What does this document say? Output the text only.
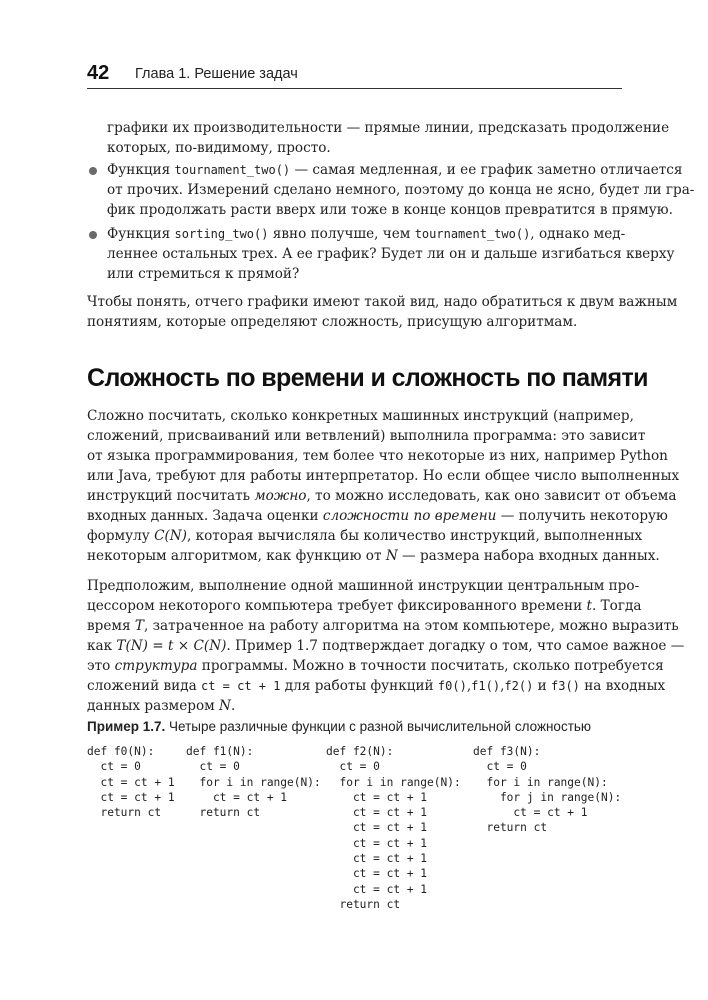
42 Глава 1. Решение задач
графики их производительности — прямые линии, предсказать продолжение
которых, по-видимому, просто.
Функция tournament_two() — самая медленная, и ее график заметно отличается
от прочих. Измерений сделано немного, поэтому до конца не ясно, будет ли гра-
фик продолжать расти вверх или тоже в конце концов превратится в прямую.
Функция sorting_two() явно получше, чем tournament_two(), однако мед-
леннее остальных трех. А ее график? Будет ли он и дальше изгибаться кверху
или стремиться к прямой?
Чтобы понять, отчего графики имеют такой вид, надо обратиться к двум важным
понятиям, которые определяют сложность, присущую алгоритмам.
Сложность по времени и сложность по памяти
Сложно посчитать, сколько конкретных машинных инструкций (например,
сложений, присваиваний или ветвлений) выполнила программа: это зависит
от языка программирования, тем более что некоторые из них, например Python
или Java, требуют для работы интерпретатор. Но если общее число выполненных
инструкций посчитать можно, то можно исследовать, как оно зависит от объема
входных данных. Задача оценки сложности по времени — получить некоторую
формулу C(N), которая вычисляла бы количество инструкций, выполненных
некоторым алгоритмом, как функцию от N — размера набора входных данных.
Предположим, выполнение одной машинной инструкции центральным про-
цессором некоторого компьютера требует фиксированного времени t. Тогда
время T, затраченное на работу алгоритма на этом компьютере, можно выразить
как T(N) = t × C(N). Пример 1.7 подтверждает догадку о том, что самое важное —
это структура программы. Можно в точности посчитать, сколько потребуется
сложений вида ct = ct + 1 для работы функций f0(),f1(),f2() и f3() на входных
данных размером N.
Пример 1.7. Четыре различные функции с разной вычислительной сложностью
def f0(N):
ct = 0
ct = ct + 1
ct = ct + 1
return ct
def f1(N):
ct = 0
for i in range(N):
ct = ct + 1
return ct
def f2(N):
ct = 0
for i in range(N):
ct = ct + 1
ct = ct + 1
ct = ct + 1
ct = ct + 1
ct = ct + 1
ct = ct + 1
ct = ct + 1
return ct
def f3(N):
ct = 0
for i in range(N):
for j in range(N):
ct = ct + 1
return ct
